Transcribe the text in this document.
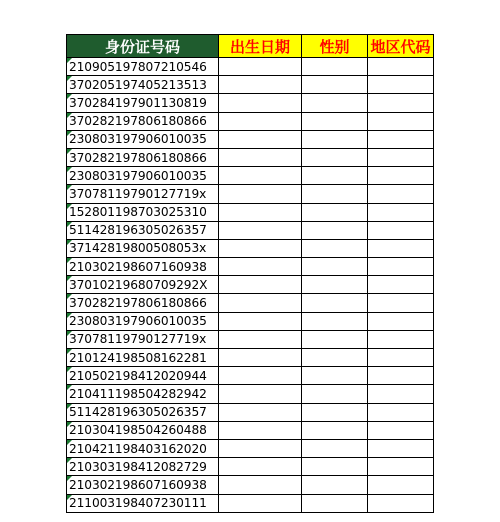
身份证号码	出生日期	性别	地区代码

210905197807210546			

370205197405213513			

370284197901130819			

370282197806180866			

230803197906010035			

370282197806180866			

230803197906010035			

37078119790127719x			

152801198703025310			

511428196305026357			

37142819800508053x			

210302198607160938			

37010219680709292X			

370282197806180866			

230803197906010035			

37078119790127719x			

210124198508162281			

210502198412020944			

210411198504282942			

511428196305026357			

210304198504260488			

210421198403162020			

210303198412082729			

210302198607160938			

211003198407230111			
